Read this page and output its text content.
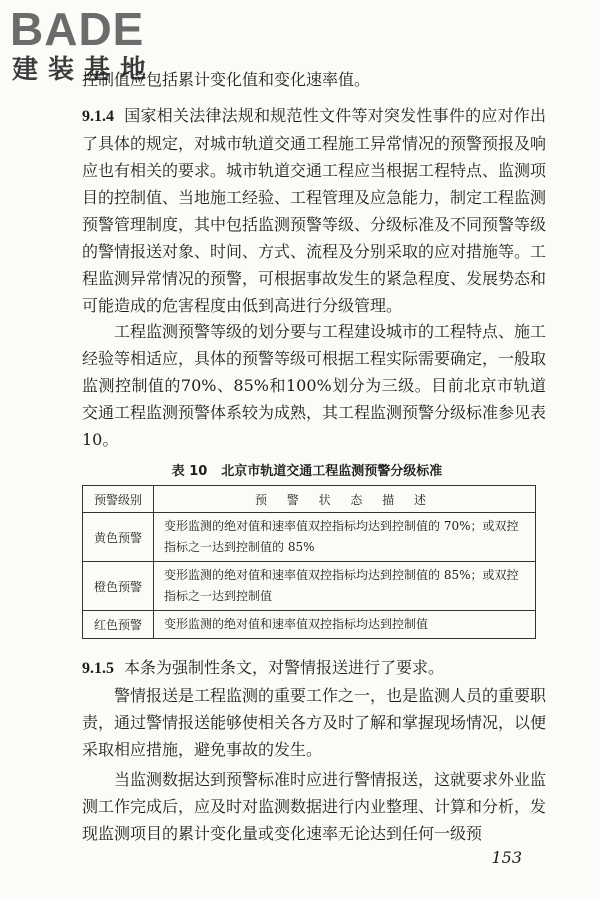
BADE
建装基地
控制值应包括累计变化值和变化速率值。
9.1.4 国家相关法律法规和规范性文件等对突发性事件的应对作出了具体的规定，对城市轨道交通工程施工异常情况的预警预报及响应也有相关的要求。城市轨道交通工程应当根据工程特点、监测项目的控制值、当地施工经验、工程管理及应急能力，制定工程监测预警管理制度，其中包括监测预警等级、分级标准及不同预警等级的警情报送对象、时间、方式、流程及分别采取的应对措施等。工程监测异常情况的预警，可根据事故发生的紧急程度、发展势态和可能造成的危害程度由低到高进行分级管理。
工程监测预警等级的划分要与工程建设城市的工程特点、施工经验等相适应，具体的预警等级可根据工程实际需要确定，一般取监测控制值的70%、85%和100%划分为三级。目前北京市轨道交通工程监测预警体系较为成熟，其工程监测预警分级标准参见表10。
表 10 北京市轨道交通工程监测预警分级标准
预警级别	预 警 状 态 描 述
黄色预警	变形监测的绝对值和速率值双控指标均达到控制值的 70%；或双控指标之一达到控制值的 85%
橙色预警	变形监测的绝对值和速率值双控指标均达到控制值的 85%；或双控指标之一达到控制值
红色预警	变形监测的绝对值和速率值双控指标均达到控制值
9.1.5 本条为强制性条文，对警情报送进行了要求。
警情报送是工程监测的重要工作之一，也是监测人员的重要职责，通过警情报送能够使相关各方及时了解和掌握现场情况，以便采取相应措施，避免事故的发生。
当监测数据达到预警标准时应进行警情报送，这就要求外业监测工作完成后，应及时对监测数据进行内业整理、计算和分析，发现监测项目的累计变化量或变化速率无论达到任何一级预
153
